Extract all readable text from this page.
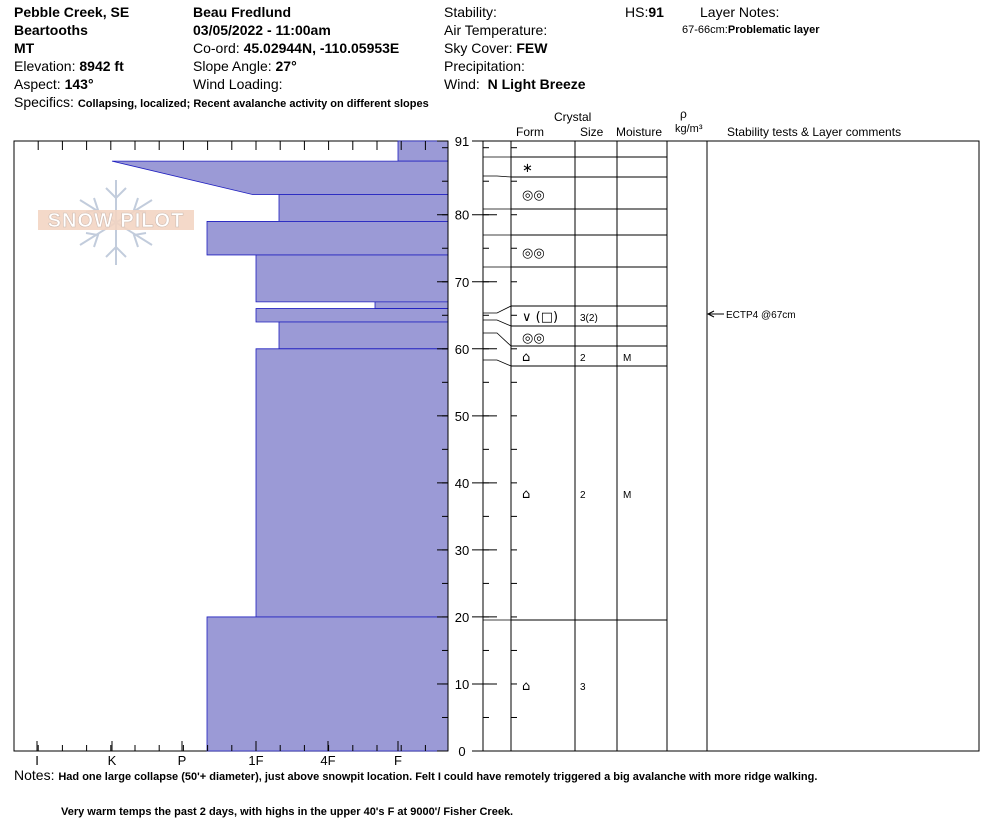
Pebble Creek, SE
Beartooths
MT
Elevation: 8942 ft
Aspect: 143°
Specifics: Collapsing, localized; Recent avalanche activity on different slopes
Beau Fredlund
03/05/2022 - 11:00am
Co-ord: 45.02944N, -110.05953E
Slope Angle: 27°
Wind Loading:
Stability:
Air Temperature:
Sky Cover: FEW
Precipitation:
Wind: N Light Breeze
HS:91	Layer Notes:
67-66cm:Problematic layer
Crystal
Form	Size Moisture
ρ
kg/m³ Stability tests & Layer comments
I	K	P	1F	4F	F
91
80
70
60
50
40
30
20
10
0
∗
◎◎
◎◎
∨ (□) 3(2)
◎◎
⌂	2	M
⌂	2	M
⌂	3
ECTP4 @67cm
SNOW PILOT
Notes: Had one large collapse (50'+ diameter), just above snowpit location. Felt I could have remotely triggered a big avalanche with more ridge walking.
Very warm temps the past 2 days, with highs in the upper 40's F at 9000'/ Fisher Creek.
